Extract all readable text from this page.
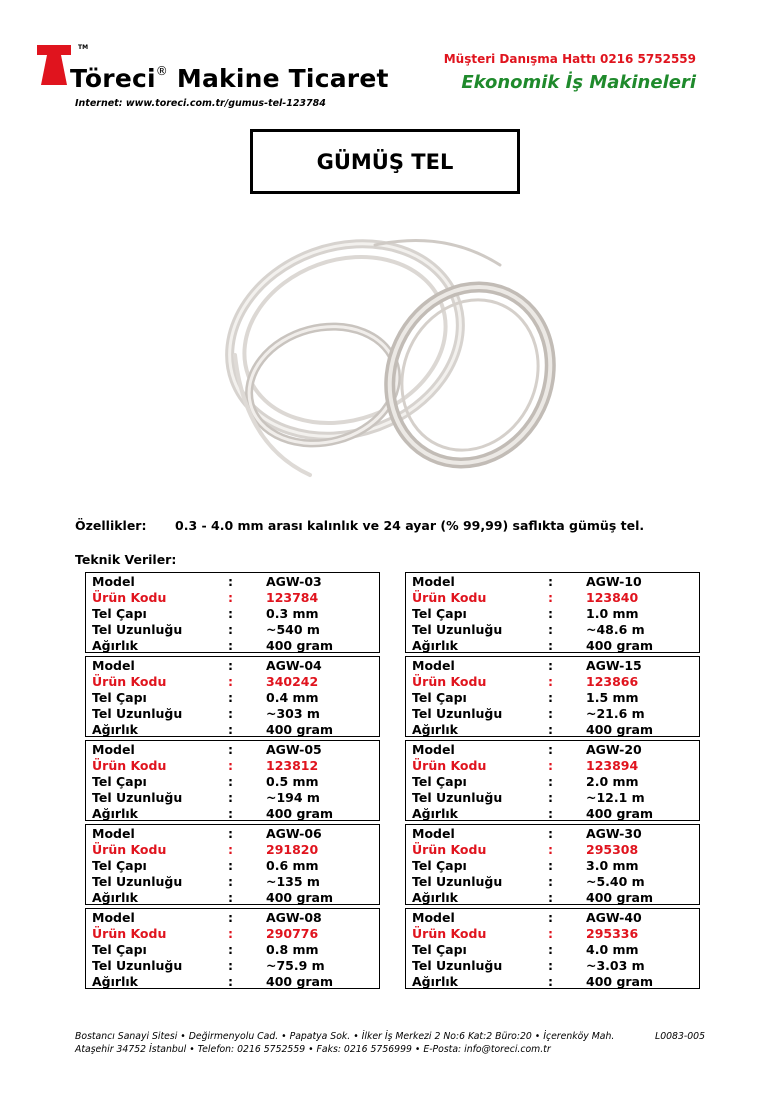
TM
Töreci® Makine Ticaret
Internet: www.toreci.com.tr/gumus-tel-123784
Müşteri Danışma Hattı 0216 5752559
Ekonomik İş Makineleri
GÜMÜŞ TEL
Özellikler: 0.3 - 4.0 mm arası kalınlık ve 24 ayar (% 99,99) saflıkta gümüş tel.
Teknik Veriler:
Model	:	AGW-03
Ürün Kodu	:	123784
Tel Çapı	:	0.3 mm
Tel Uzunluğu	:	~540 m
Ağırlık	:	400 gram
Model	:	AGW-10
Ürün Kodu	:	123840
Tel Çapı	:	1.0 mm
Tel Uzunluğu	:	~48.6 m
Ağırlık	:	400 gram
Model	:	AGW-04
Ürün Kodu	:	340242
Tel Çapı	:	0.4 mm
Tel Uzunluğu	:	~303 m
Ağırlık	:	400 gram
Model	:	AGW-15
Ürün Kodu	:	123866
Tel Çapı	:	1.5 mm
Tel Uzunluğu	:	~21.6 m
Ağırlık	:	400 gram
Model	:	AGW-05
Ürün Kodu	:	123812
Tel Çapı	:	0.5 mm
Tel Uzunluğu	:	~194 m
Ağırlık	:	400 gram
Model	:	AGW-20
Ürün Kodu	:	123894
Tel Çapı	:	2.0 mm
Tel Uzunluğu	:	~12.1 m
Ağırlık	:	400 gram
Model	:	AGW-06
Ürün Kodu	:	291820
Tel Çapı	:	0.6 mm
Tel Uzunluğu	:	~135 m
Ağırlık	:	400 gram
Model	:	AGW-30
Ürün Kodu	:	295308
Tel Çapı	:	3.0 mm
Tel Uzunluğu	:	~5.40 m
Ağırlık	:	400 gram
Model	:	AGW-08
Ürün Kodu	:	290776
Tel Çapı	:	0.8 mm
Tel Uzunluğu	:	~75.9 m
Ağırlık	:	400 gram
Model	:	AGW-40
Ürün Kodu	:	295336
Tel Çapı	:	4.0 mm
Tel Uzunluğu	:	~3.03 m
Ağırlık	:	400 gram
Bostancı Sanayi Sitesi • Değirmenyolu Cad. • Papatya Sok. • İlker İş Merkezi 2 No:6 Kat:2 Büro:20 • İçerenköy Mah.
Ataşehir 34752 İstanbul • Telefon: 0216 5752559 • Faks: 0216 5756999 • E-Posta: info@toreci.com.tr
L0083-005
